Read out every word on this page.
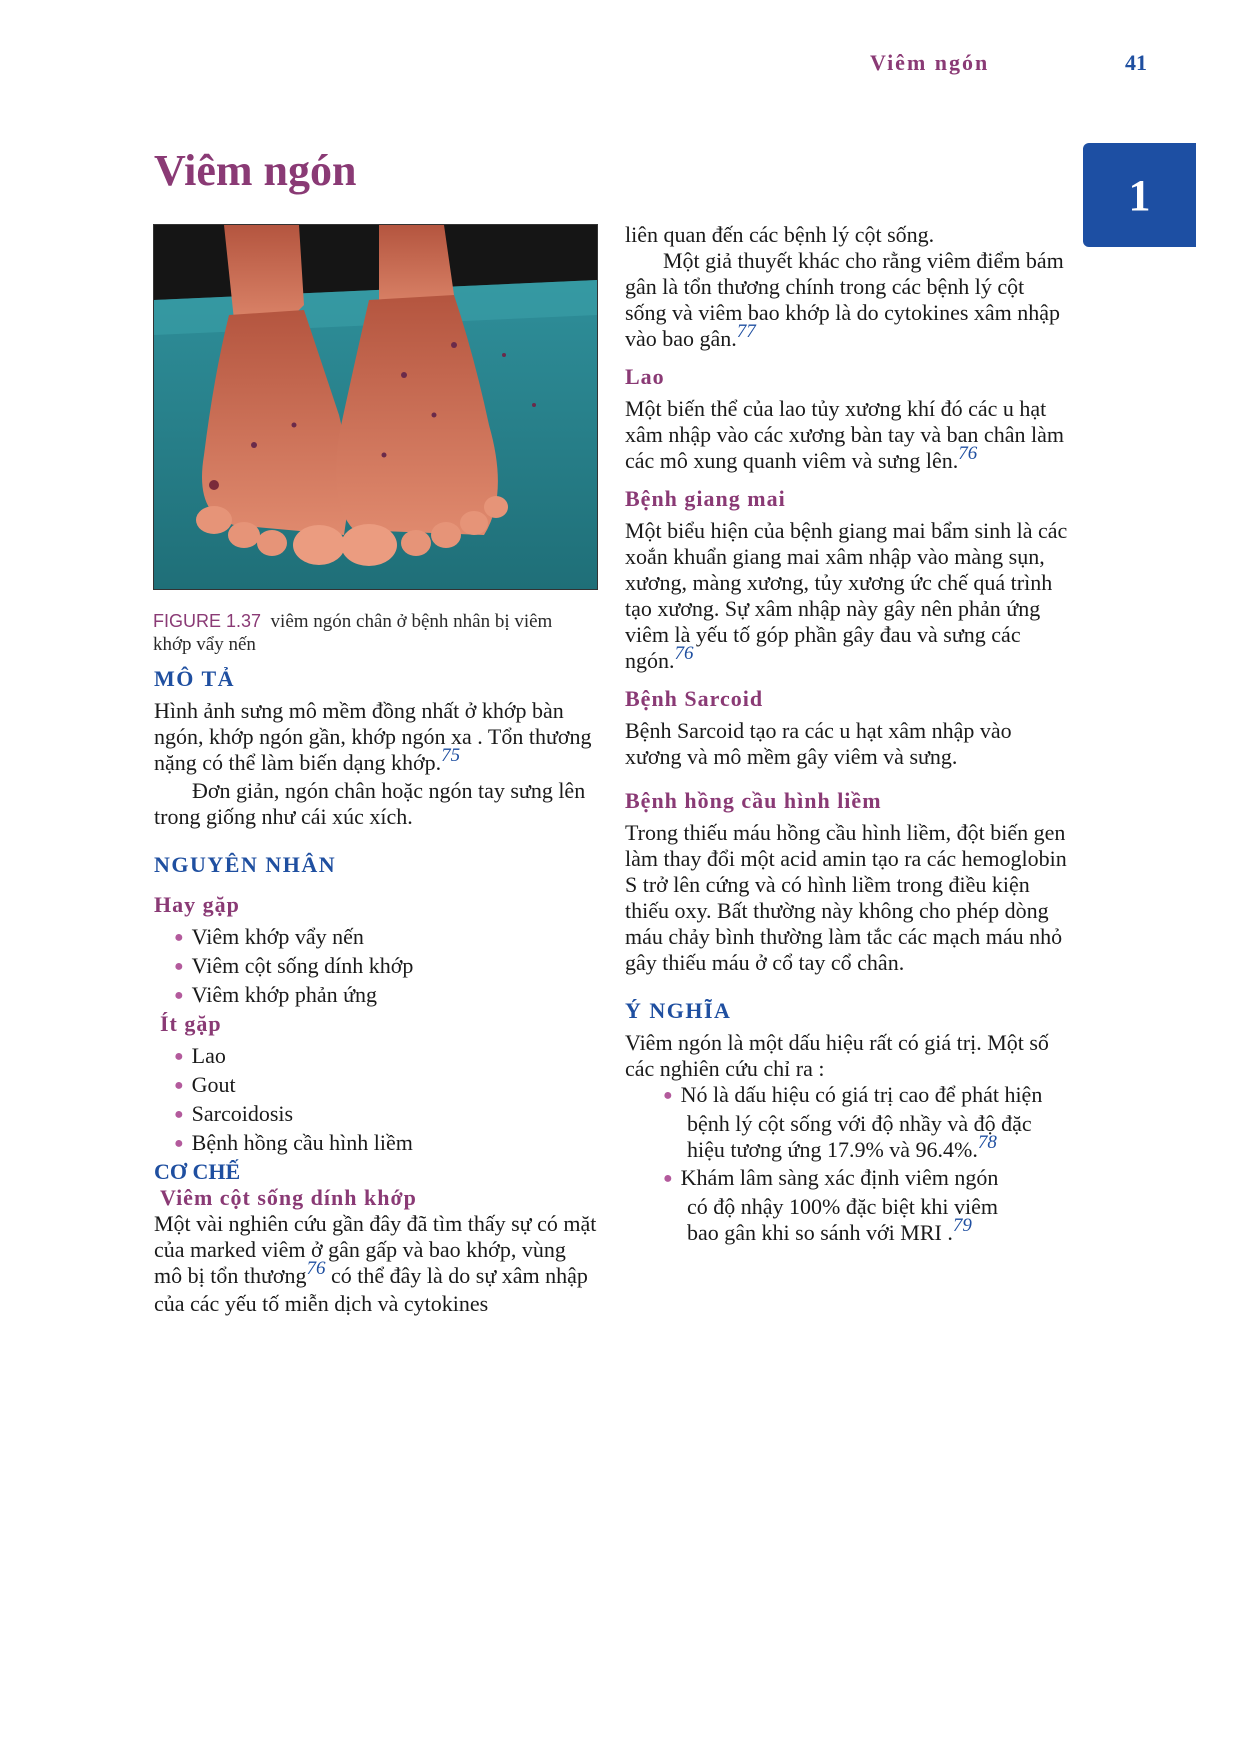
Viêm ngón	41
1
Viêm ngón
FIGURE 1.37 viêm ngón chân ở bệnh nhân bị viêm khớp vẩy nến
MÔ TẢ

Hình ảnh sưng mô mềm đồng nhất ở khớp bàn ngón, khớp ngón gần, khớp ngón xa . Tổn thương nặng có thể làm biến dạng khớp.75

Đơn giản, ngón chân hoặc ngón tay sưng lên trong giống như cái xúc xích.

NGUYÊN NHÂN
Hay gặp
● Viêm khớp vẩy nến
● Viêm cột sống dính khớp
● Viêm khớp phản ứng
Ít gặp
● Lao
● Gout
● Sarcoidosis
● Bệnh hồng cầu hình liềm
CƠ CHẾ
Viêm cột sống dính khớp

Một vài nghiên cứu gần đây đã tìm thấy sự có mặt của marked viêm ở gân gấp và bao khớp, vùng mô bị tổn thương76 có thể đây là do sự xâm nhập của các yếu tố miễn dịch và cytokines

liên quan đến các bệnh lý cột sống.

Một giả thuyết khác cho rằng viêm điểm bám gân là tổn thương chính trong các bệnh lý cột sống và viêm bao khớp là do cytokines xâm nhập vào bao gân.77

Lao

Một biến thể của lao tủy xương khí đó các u hạt xâm nhập vào các xương bàn tay và ban chân làm các mô xung quanh viêm và sưng lên.76

Bệnh giang mai

Một biểu hiện của bệnh giang mai bẩm sinh là các xoắn khuẩn giang mai xâm nhập vào màng sụn, xương, màng xương, tủy xương ức chế quá trình tạo xương. Sự xâm nhập này gây nên phản ứng viêm là yếu tố góp phần gây đau và sưng các ngón.76

Bệnh Sarcoid

Bệnh Sarcoid tạo ra các u hạt xâm nhập vào xương và mô mềm gây viêm và sưng.

Bệnh hồng cầu hình liềm

Trong thiếu máu hồng cầu hình liềm, đột biến gen làm thay đổi một acid amin tạo ra các hemoglobin S trở lên cứng và có hình liềm trong điều kiện thiếu oxy. Bất thường này không cho phép dòng máu chảy bình thường làm tắc các mạch máu nhỏ gây thiếu máu ở cổ tay cổ chân.

Ý NGHĨA

Viêm ngón là một dấu hiệu rất có giá trị. Một số các nghiên cứu chỉ ra :

● Nó là dấu hiệu có giá trị cao để phát hiện bệnh lý cột sống với độ nhầy và độ đặc hiệu tương ứng 17.9% và 96.4%.78
● Khám lâm sàng xác định viêm ngón có độ nhậy 100% đặc biệt khi viêm bao gân khi so sánh với MRI .79
